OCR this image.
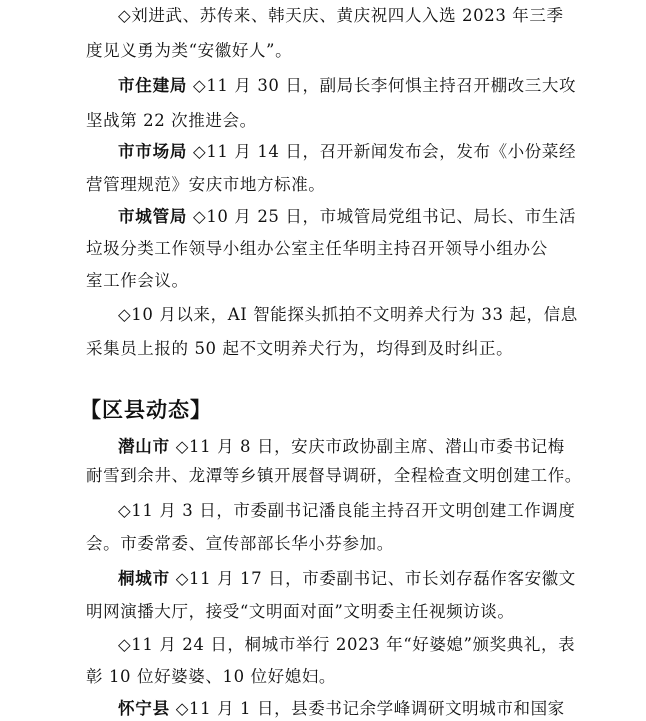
◇刘进武、苏传来、韩天庆、黄庆祝四人入选 2023 年三季
度见义勇为类“安徽好人”。
市住建局 ◇11 月 30 日，副局长李何惧主持召开棚改三大攻
坚战第 22 次推进会。
市市场局 ◇11 月 14 日，召开新闻发布会，发布《小份菜经
营管理规范》安庆市地方标准。
市城管局 ◇10 月 25 日，市城管局党组书记、局长、市生活
垃圾分类工作领导小组办公室主任华明主持召开领导小组办公
室工作会议。
◇10 月以来，AI 智能探头抓拍不文明养犬行为 33 起，信息
采集员上报的 50 起不文明养犬行为，均得到及时纠正。
【区县动态】
潜山市 ◇11 月 8 日，安庆市政协副主席、潜山市委书记梅
耐雪到余井、龙潭等乡镇开展督导调研，全程检查文明创建工作。
◇11 月 3 日，市委副书记潘良能主持召开文明创建工作调度
会。市委常委、宣传部部长华小芬参加。
桐城市 ◇11 月 17 日，市委副书记、市长刘存磊作客安徽文
明网演播大厅，接受“文明面对面”文明委主任视频访谈。
◇11 月 24 日，桐城市举行 2023 年“好婆媳”颁奖典礼，表
彰 10 位好婆婆、10 位好媳妇。
怀宁县 ◇11 月 1 日，县委书记余学峰调研文明城市和国家
